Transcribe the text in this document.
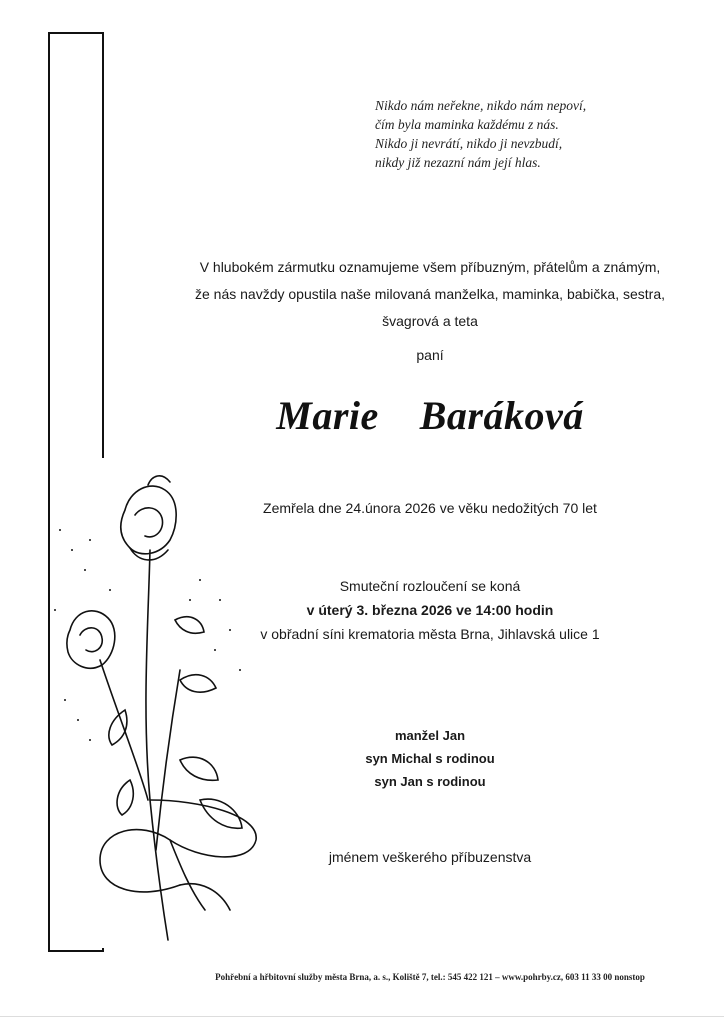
Nikdo nám neřekne, nikdo nám nepoví,
čím byla maminka každému z nás.
Nikdo ji nevrátí, nikdo ji nevzbudí,
nikdy již nezazní nám její hlas.
V hlubokém zármutku oznamujeme všem příbuzným, přátelům a známým,
že nás navždy opustila naše milovaná manželka, maminka, babička, sestra,
švagrová a teta
paní
Marie  Baráková
Zemřela dne 24.února 2026 ve věku nedožitých 70 let
Smuteční rozloučení se koná
v úterý 3. března 2026 ve 14:00 hodin
v obřadní síni krematoria města Brna, Jihlavská ulice 1
manžel Jan
syn Michal s rodinou
syn Jan s rodinou
jménem veškerého příbuzenstva
Pohřební a hřbitovní služby města Brna, a. s., Koliště 7, tel.: 545 422 121 – www.pohrby.cz, 603 11 33 00 nonstop
